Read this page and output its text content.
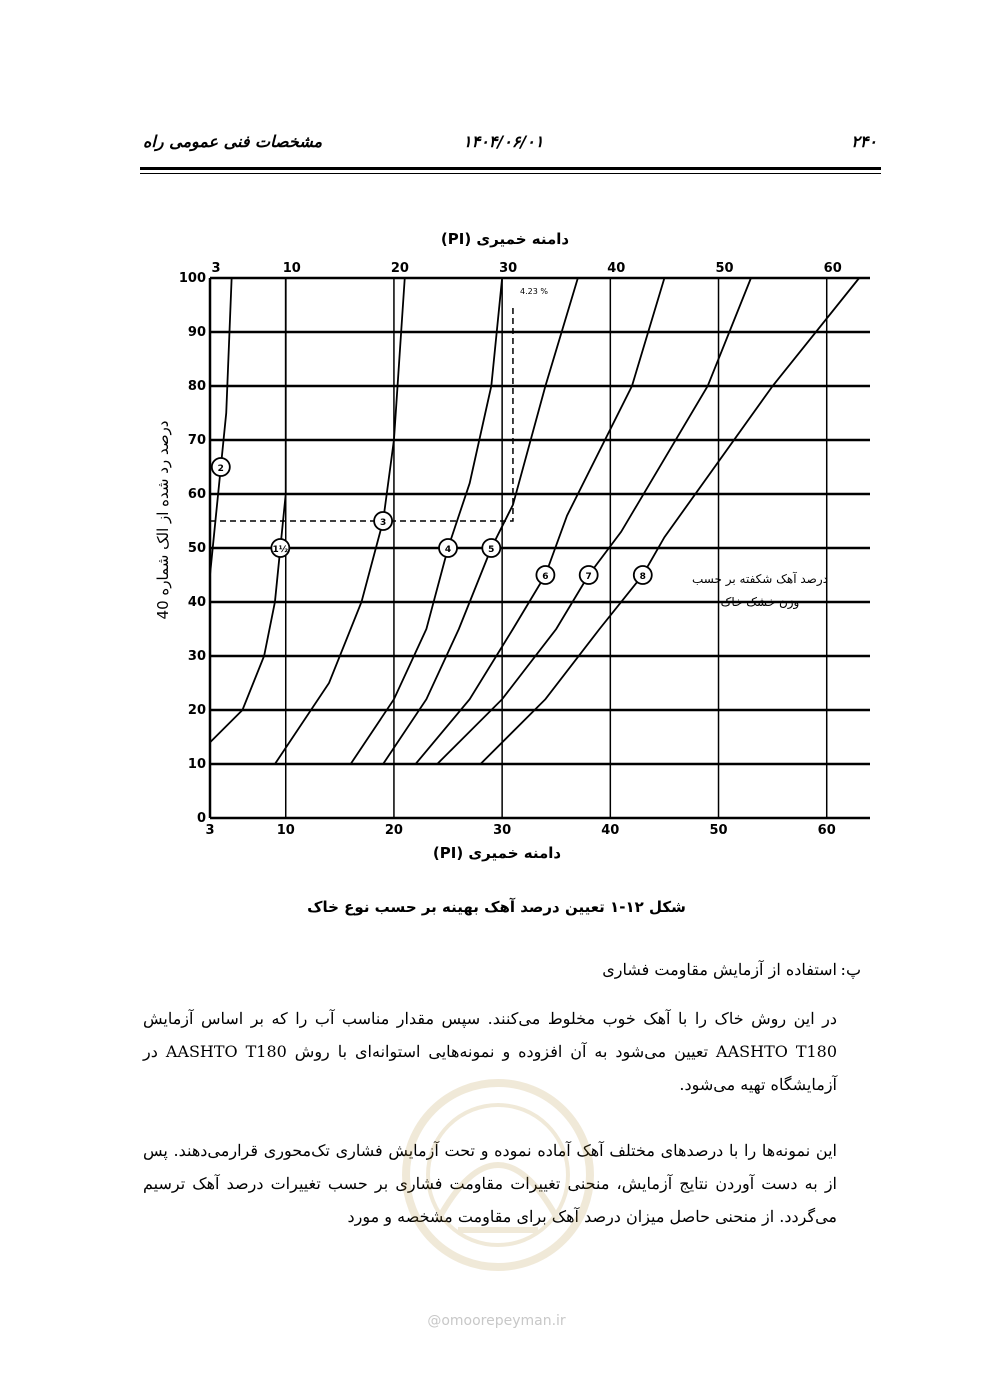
مشخصات فنی عمومی راه	۱۴۰۴/۰۶/۰۱	۲۴۰
0
10
20
30
40
50
60
70
80
90
100
3
3
10
10
20
20
30
30
40
40
50
50
60
60
1½
2
3
4	5
6	7	8
دامنه خمیری (PI)
دامنه خمیری (PI)
درصد رد شده از الک شماره 40
4.23 %
درصد آهک شکفته بر حسب
وزن خشک خاک
شکل ۱۲-۱ تعیین درصد آهک بهینه بر حسب نوع خاک
پ:
استفاده از آزمایش مقاومت فشاری
در این روش خاک را با آهک خوب مخلوط می‌کنند. سپس مقدار مناسب آب را که بر اساس آزمایش AASHTO T180 تعیین می‌شود به آن افزوده و نمونه‌هایی استوانه‌ای با روش AASHTO T180 در آزمایشگاه تهیه می‌شود.
این نمونه‌ها را با درصدهای مختلف آهک آماده نموده و تحت آزمایش فشاری تک‌محوری قرارمی‌دهند. پس از به دست آوردن نتایج آزمایش، منحنی تغییرات مقاومت فشاری بر حسب تغییرات درصد آهک ترسیم می‌گردد. از منحنی حاصل میزان درصد آهک برای مقاومت مشخصه و مورد
@omoorepeyman.ir
